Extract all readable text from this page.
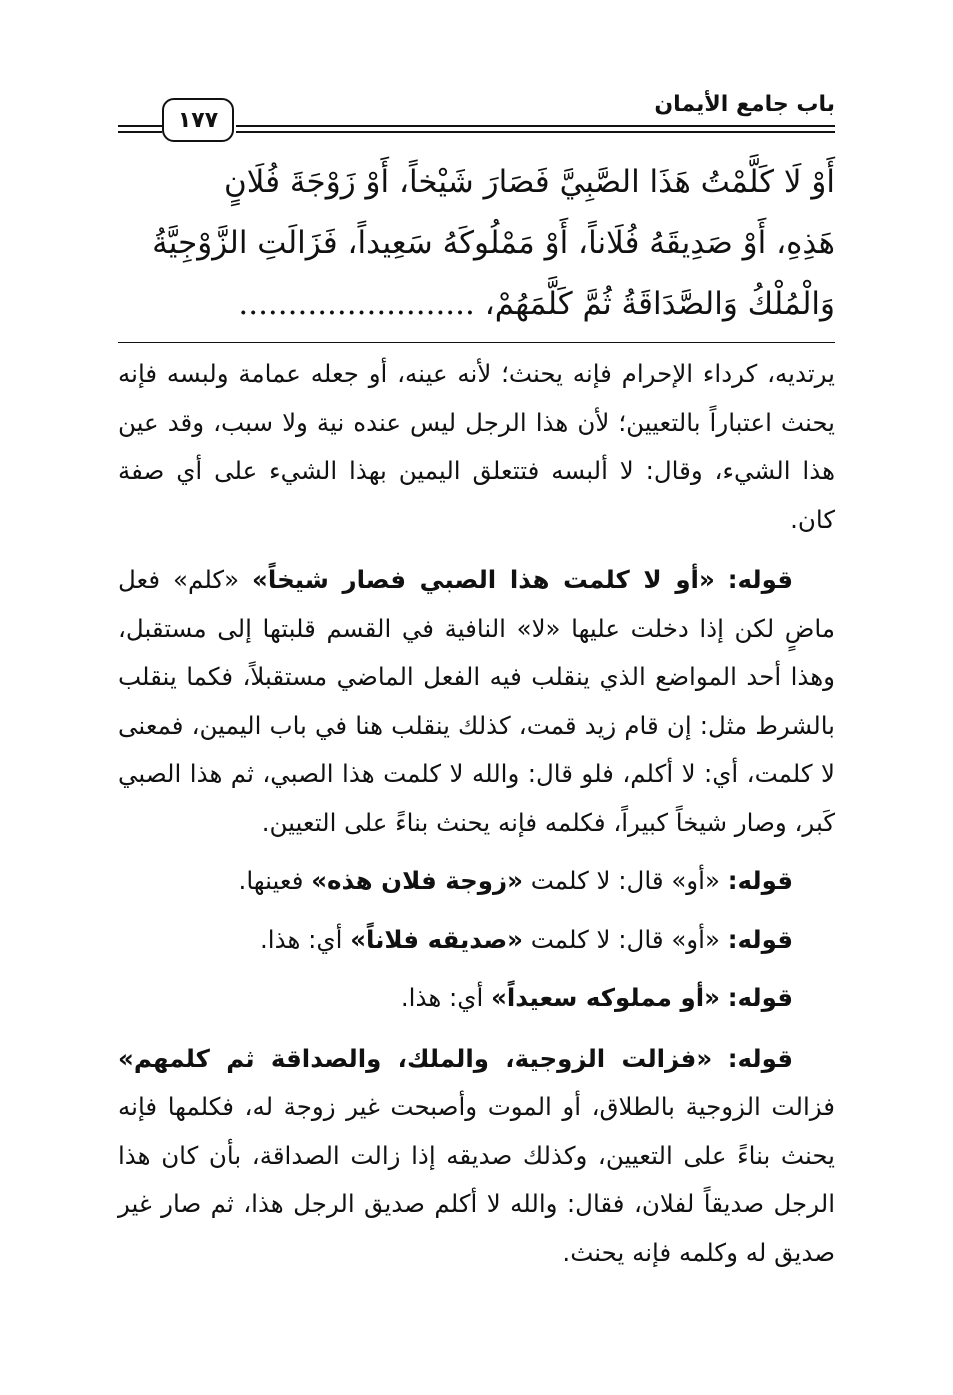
باب جامع الأيمان
١٧٧

أَوْ لَا كَلَّمْتُ هَذَا الصَّبِيَّ فَصَارَ شَيْخاً، أَوْ زَوْجَةَ فُلَانٍ

هَذِهِ، أَوْ صَدِيقَهُ فُلَاناً، أَوْ مَمْلُوكَهُ سَعِيداً، فَزَالَتِ الزَّوْجِيَّةُ

وَالْمُلْكُ وَالصَّدَاقَةُ ثُمَّ كَلَّمَهُمْ، ........................

يرتديه، كرداء الإحرام فإنه يحنث؛ لأنه عينه، أو جعله عمامة ولبسه فإنه يحنث اعتباراً بالتعيين؛ لأن هذا الرجل ليس عنده نية ولا سبب، وقد عين هذا الشيء، وقال: لا ألبسه فتتعلق اليمين بهذا الشيء على أي صفة كان.

قوله: «أو لا كلمت هذا الصبي فصار شيخاً» «كلم» فعل ماضٍ لكن إذا دخلت عليها «لا» النافية في القسم قلبتها إلى مستقبل، وهذا أحد المواضع الذي ينقلب فيه الفعل الماضي مستقبلاً، فكما ينقلب بالشرط مثل: إن قام زيد قمت، كذلك ينقلب هنا في باب اليمين، فمعنى لا كلمت، أي: لا أكلم، فلو قال: والله لا كلمت هذا الصبي، ثم هذا الصبي كَبر، وصار شيخاً كبيراً، فكلمه فإنه يحنث بناءً على التعيين.

قوله: «أو» قال: لا كلمت «زوجة فلان هذه» فعينها.

قوله: «أو» قال: لا كلمت «صديقه فلاناً» أي: هذا.

قوله: «أو مملوكه سعيداً» أي: هذا.

قوله: «فزالت الزوجية، والملك، والصداقة ثم كلمهم» فزالت الزوجية بالطلاق، أو الموت وأصبحت غير زوجة له، فكلمها فإنه يحنث بناءً على التعيين، وكذلك صديقه إذا زالت الصداقة، بأن كان هذا الرجل صديقاً لفلان، فقال: والله لا أكلم صديق الرجل هذا، ثم صار غير صديق له وكلمه فإنه يحنث.
